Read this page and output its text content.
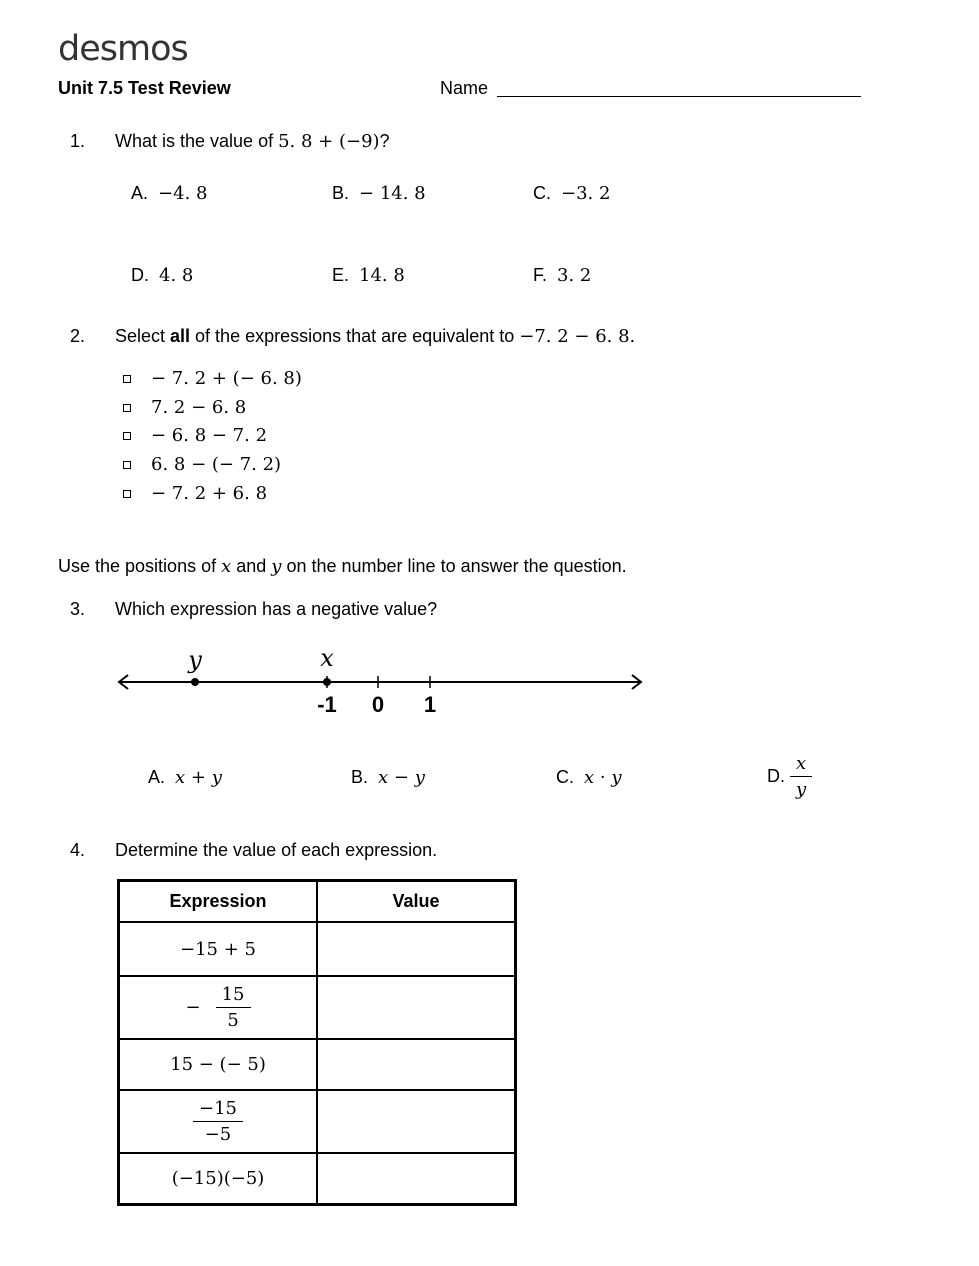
desmos
Unit 7.5 Test Review	Name
1. What is the value of 5. 8 + (−9)?
A. −4. 8	B. − 14. 8	C. −3. 2
D. 4. 8	E. 14. 8	F. 3. 2
2. Select all of the expressions that are equivalent to −7. 2 − 6. 8.
− 7. 2 + (− 6. 8)
7. 2 − 6. 8
− 6. 8 − 7. 2
6. 8 − (− 7. 2)
− 7. 2 + 6. 8
Use the positions of x and y on the number line to answer the question.
3. Which expression has a negative value?
y	x
-1 0 1
A. x + y	B. x − y	C. x · y	D. $\frac{x}{y}$
4. Determine the value of each expression.
Expression	Value
−15 + 5	
− $\frac{15}{5}$

15 − (− 5)	

$\frac{-15}{-5}$

(−15)(−5)	
